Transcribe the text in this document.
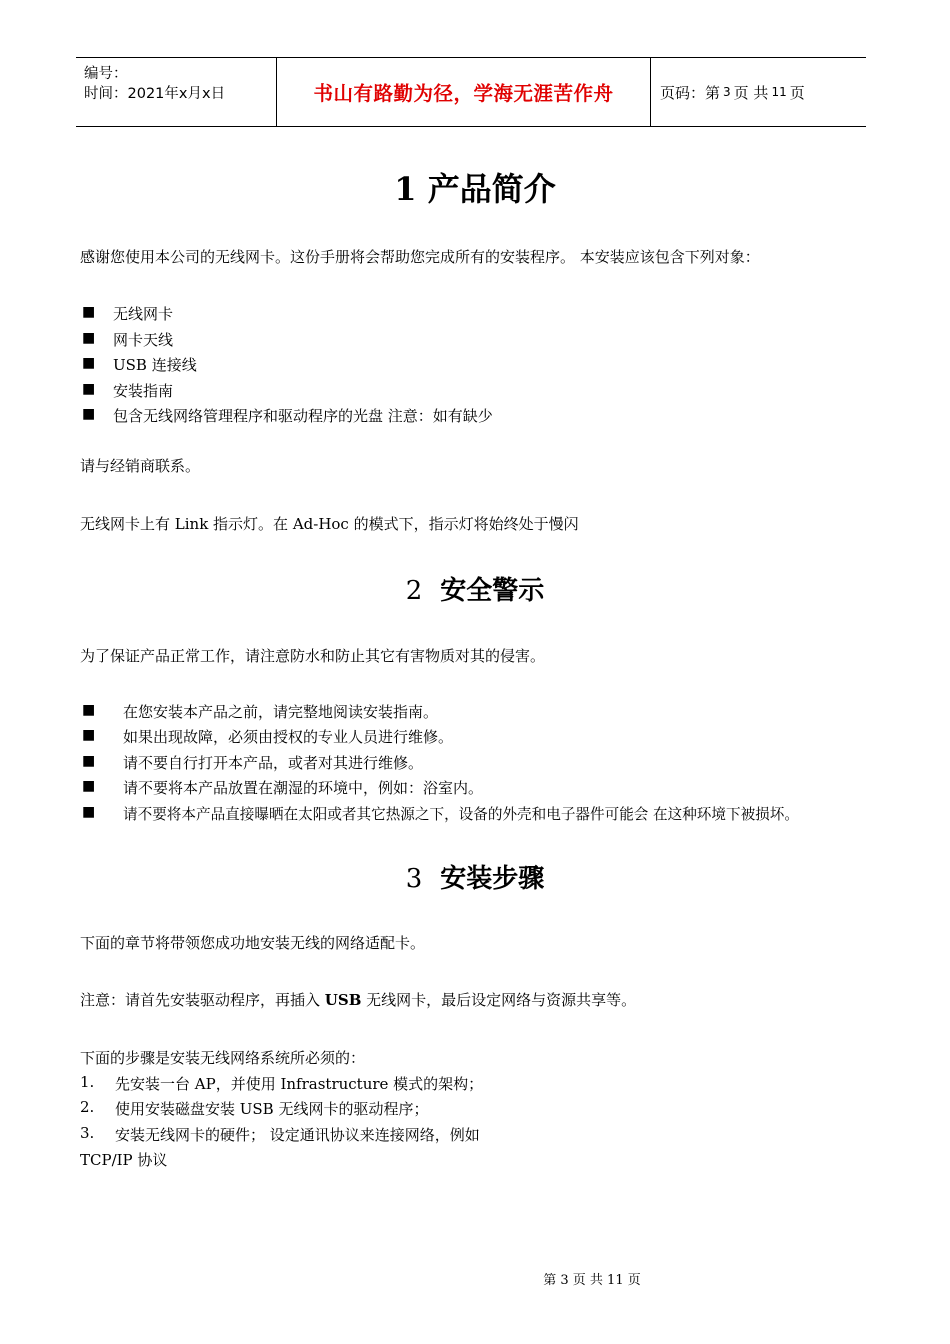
编号：
时间：2021年x月x日	书山有路勤为径，学海无涯苦作舟	页码：第 3 页 共 11 页
1 产品简介
感谢您使用本公司的无线网卡。这份手册将会帮助您完成所有的安装程序。 本安装应该包含下列对象：
■ 无线网卡
■ 网卡天线
■ USB 连接线
■ 安装指南
■ 包含无线网络管理程序和驱动程序的光盘 注意：如有缺少
请与经销商联系。
无线网卡上有 Link 指示灯。在 Ad-Hoc 的模式下，指示灯将始终处于慢闪
2 安全警示
为了保证产品正常工作，请注意防水和防止其它有害物质对其的侵害。
■ 在您安装本产品之前，请完整地阅读安装指南。
■ 如果出现故障，必须由授权的专业人员进行维修。
■ 请不要自行打开本产品，或者对其进行维修。
■ 请不要将本产品放置在潮湿的环境中，例如：浴室内。
■ 请不要将本产品直接曝晒在太阳或者其它热源之下，设备的外壳和电子器件可能会 在这种环境下被损坏。
3 安装步骤
下面的章节将带领您成功地安装无线的网络适配卡。
注意：请首先安装驱动程序，再插入 USB 无线网卡，最后设定网络与资源共享等。
下面的步骤是安装无线网络系统所必须的：
1. 先安装一台 AP，并使用 Infrastructure 模式的架构；
2. 使用安装磁盘安装 USB 无线网卡的驱动程序；
3. 安装无线网卡的硬件； 设定通讯协议来连接网络，例如
TCP/IP 协议
第 3 页 共 11 页
